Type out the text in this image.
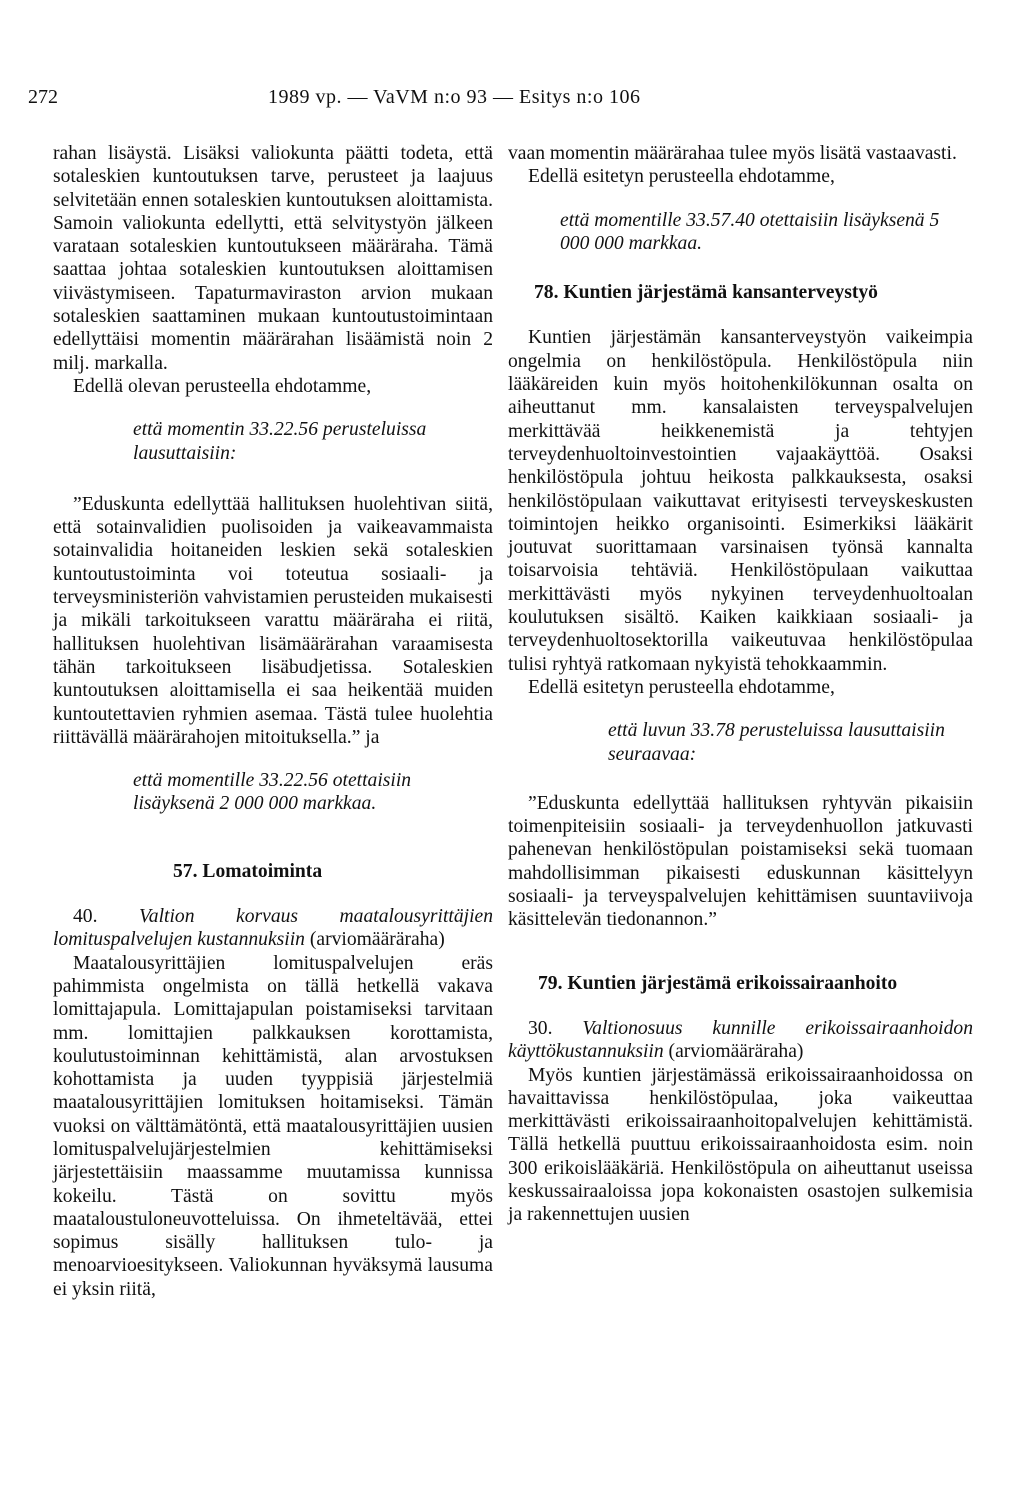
272	1989 vp. — VaVM n:o 93 — Esitys n:o 106

rahan lisäystä. Lisäksi valiokunta päätti todeta, että sotaleskien kuntoutuksen tarve, perusteet ja laajuus selvitetään ennen sotaleskien kuntoutuksen aloittamista. Samoin valiokunta edellytti, että selvitystyön jälkeen varataan sotaleskien kuntoutukseen määräraha. Tämä saattaa johtaa sotaleskien kuntoutuksen aloittamisen viivästymiseen. Tapaturmaviraston arvion mukaan sotaleskien saattaminen mukaan kuntoutustoimintaan edellyttäisi momentin määrärahan lisäämistä noin 2 milj. markalla.

Edellä olevan perusteella ehdotamme,

että momentin 33.22.56 perusteluissa lausuttaisiin:

”Eduskunta edellyttää hallituksen huolehtivan siitä, että sotainvalidien puolisoiden ja vaikeavammaista sotainvalidia hoitaneiden leskien sekä sotaleskien kuntoutustoiminta voi toteutua sosiaali- ja terveysministeriön vahvistamien perusteiden mukaisesti ja mikäli tarkoitukseen varattu määräraha ei riitä, hallituksen huolehtivan lisämäärärahan varaamisesta tähän tarkoitukseen lisäbudjetissa. Sotaleskien kuntoutuksen aloittamisella ei saa heikentää muiden kuntoutettavien ryhmien asemaa. Tästä tulee huolehtia riittävällä määrärahojen mitoituksella.” ja

että momentille 33.22.56 otettaisiin lisäyksenä 2 000 000 markkaa.

57. Lomatoiminta

40. Valtion korvaus maatalousyrittäjien lomituspalvelujen kustannuksiin (arviomääräraha)

Maatalousyrittäjien lomituspalvelujen eräs pahimmista ongelmista on tällä hetkellä vakava lomittajapula. Lomittajapulan poistamiseksi tarvitaan mm. lomittajien palkkauksen korottamista, koulutustoiminnan kehittämistä, alan arvostuksen kohottamista ja uuden tyyppisiä järjestelmiä maatalousyrittäjien lomituksen hoitamiseksi. Tämän vuoksi on välttämätöntä, että maatalousyrittäjien uusien lomituspalvelujärjestelmien kehittämiseksi järjestettäisiin maassamme muutamissa kunnissa kokeilu. Tästä on sovittu myös maataloustuloneuvotteluissa. On ihmeteltävää, ettei sopimus sisälly hallituksen tulo- ja menoarvioesitykseen. Valiokunnan hyväksymä lausuma ei yksin riitä,

vaan momentin määrärahaa tulee myös lisätä vastaavasti.

Edellä esitetyn perusteella ehdotamme,

että momentille 33.57.40 otettaisiin lisäyksenä 5 000 000 markkaa.

78. Kuntien järjestämä kansanterveystyö

Kuntien järjestämän kansanterveystyön vaikeimpia ongelmia on henkilöstöpula. Henkilöstöpula niin lääkäreiden kuin myös hoitohenkilökunnan osalta on aiheuttanut mm. kansalaisten terveyspalvelujen merkittävää heikkenemistä ja tehtyjen terveydenhuoltoinvestointien vajaakäyttöä. Osaksi henkilöstöpula johtuu heikosta palkkauksesta, osaksi henkilöstöpulaan vaikuttavat erityisesti terveyskeskusten toimintojen heikko organisointi. Esimerkiksi lääkärit joutuvat suorittamaan varsinaisen työnsä kannalta toisarvoisia tehtäviä. Henkilöstöpulaan vaikuttaa merkittävästi myös nykyinen terveydenhuoltoalan koulutuksen sisältö. Kaiken kaikkiaan sosiaali- ja terveydenhuoltosektorilla vaikeutuvaa henkilöstöpulaa tulisi ryhtyä ratkomaan nykyistä tehokkaammin.

Edellä esitetyn perusteella ehdotamme,

että luvun 33.78 perusteluissa lausuttaisiin seuraavaa:

”Eduskunta edellyttää hallituksen ryhtyvän pikaisiin toimenpiteisiin sosiaali- ja terveydenhuollon jatkuvasti pahenevan henkilöstöpulan poistamiseksi sekä tuomaan mahdollisimman pikaisesti eduskunnan käsittelyyn sosiaali- ja terveyspalvelujen kehittämisen suuntaviivoja käsittelevän tiedonannon.”

79. Kuntien järjestämä erikoissairaanhoito

30. Valtionosuus kunnille erikoissairaanhoidon käyttökustannuksiin (arviomääräraha)

Myös kuntien järjestämässä erikoissairaanhoidossa on havaittavissa henkilöstöpulaa, joka vaikeuttaa merkittävästi erikoissairaanhoitopalvelujen kehittämistä. Tällä hetkellä puuttuu erikoissairaanhoidosta esim. noin 300 erikoislääkäriä. Henkilöstöpula on aiheuttanut useissa keskussairaaloissa jopa kokonaisten osastojen sulkemisia ja rakennettujen uusien
